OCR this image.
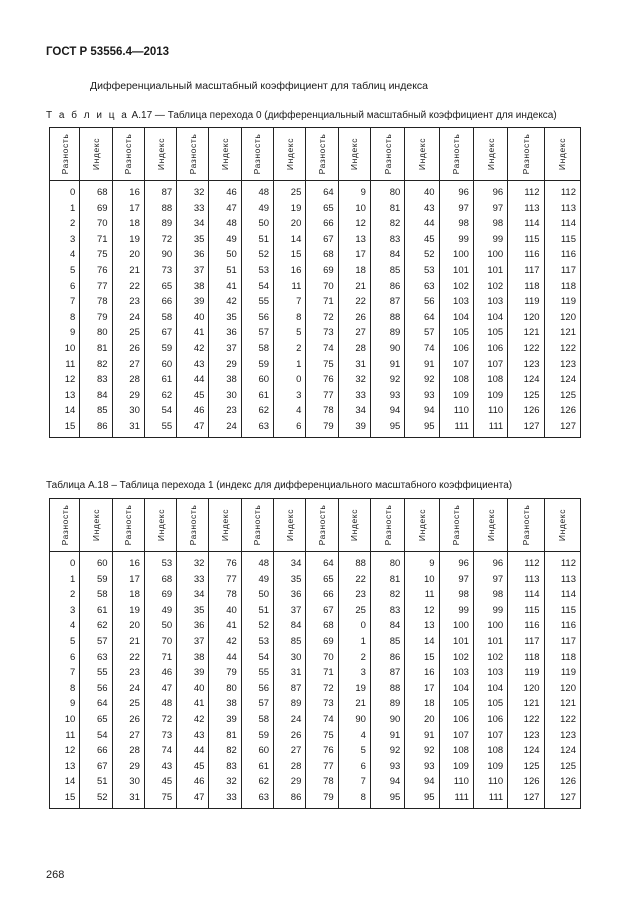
ГОСТ Р 53556.4—2013
Дифференциальный масштабный коэффициент для таблиц индекса
Т а б л и ц а А.17 — Таблица перехода 0 (дифференциальный масштабный коэффициент для индекса)
Разность	Индекс	Разность	Индекс	Разность	Индекс	Разность	Индекс	Разность	Индекс	Разность	Индекс	Разность	Индекс	Разность	Индекс

0	68	16	87	32	46	48	25	64	9	80	40	96	96	112	112
1	69	17	88	33	47	49	19	65	10	81	43	97	97	113	113
2	70	18	89	34	48	50	20	66	12	82	44	98	98	114	114
3	71	19	72	35	49	51	14	67	13	83	45	99	99	115	115
4	75	20	90	36	50	52	15	68	17	84	52	100	100	116	116
5	76	21	73	37	51	53	16	69	18	85	53	101	101	117	117
6	77	22	65	38	41	54	11	70	21	86	63	102	102	118	118
7	78	23	66	39	42	55	7	71	22	87	56	103	103	119	119
8	79	24	58	40	35	56	8	72	26	88	64	104	104	120	120
9	80	25	67	41	36	57	5	73	27	89	57	105	105	121	121
10	81	26	59	42	37	58	2	74	28	90	74	106	106	122	122
11	82	27	60	43	29	59	1	75	31	91	91	107	107	123	123
12	83	28	61	44	38	60	0	76	32	92	92	108	108	124	124
13	84	29	62	45	30	61	3	77	33	93	93	109	109	125	125
14	85	30	54	46	23	62	4	78	34	94	94	110	110	126	126
15	86	31	55	47	24	63	6	79	39	95	95	111	111	127	127
Таблица А.18 – Таблица перехода 1 (индекс для дифференциального масштабного коэффициента)
Разность	Индекс	Разность	Индекс	Разность	Индекс	Разность	Индекс	Разность	Индекс	Разность	Индекс	Разность	Индекс	Разность	Индекс

0	60	16	53	32	76	48	34	64	88	80	9	96	96	112	112
1	59	17	68	33	77	49	35	65	22	81	10	97	97	113	113
2	58	18	69	34	78	50	36	66	23	82	11	98	98	114	114
3	61	19	49	35	40	51	37	67	25	83	12	99	99	115	115
4	62	20	50	36	41	52	84	68	0	84	13	100	100	116	116
5	57	21	70	37	42	53	85	69	1	85	14	101	101	117	117
6	63	22	71	38	44	54	30	70	2	86	15	102	102	118	118
7	55	23	46	39	79	55	31	71	3	87	16	103	103	119	119
8	56	24	47	40	80	56	87	72	19	88	17	104	104	120	120
9	64	25	48	41	38	57	89	73	21	89	18	105	105	121	121
10	65	26	72	42	39	58	24	74	90	90	20	106	106	122	122
11	54	27	73	43	81	59	26	75	4	91	91	107	107	123	123
12	66	28	74	44	82	60	27	76	5	92	92	108	108	124	124
13	67	29	43	45	83	61	28	77	6	93	93	109	109	125	125
14	51	30	45	46	32	62	29	78	7	94	94	110	110	126	126
15	52	31	75	47	33	63	86	79	8	95	95	111	111	127	127
268
